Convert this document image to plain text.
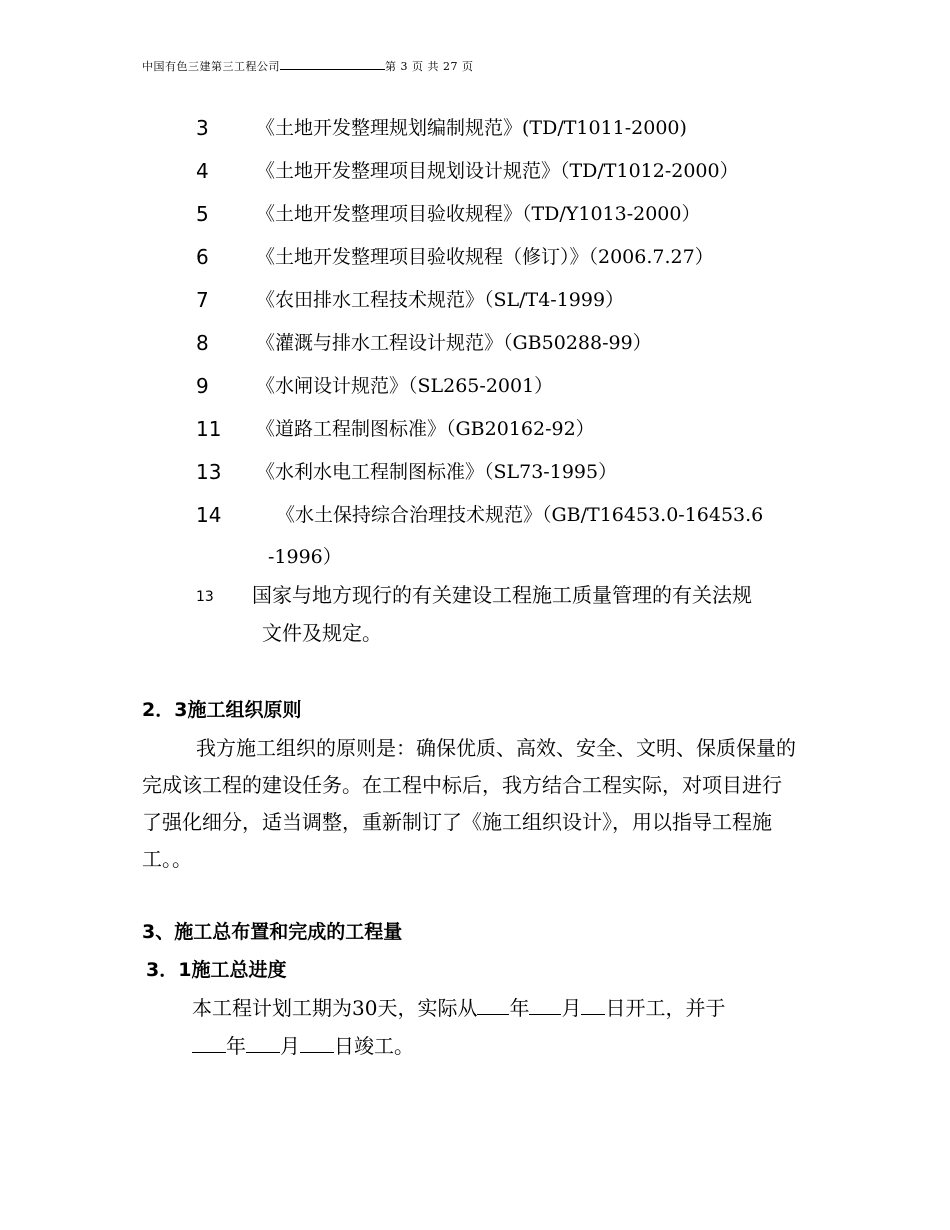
中国有色三建第三工程公司	第 3 页 共 27 页
3 《土地开发整理规划编制规范》(TD/T1011-2000)
4 《土地开发整理项目规划设计规范》（TD/T1012-2000）
5 《土地开发整理项目验收规程》（TD/Y1013-2000）
6 《土地开发整理项目验收规程（修订）》（2006.7.27）
7 《农田排水工程技术规范》（SL/T4-1999）
8 《灌溉与排水工程设计规范》（GB50288-99）
9 《水闸设计规范》（SL265-2001）
11 《道路工程制图标准》（GB20162-92）
13 《水利水电工程制图标准》（SL73-1995）
14	《水土保持综合治理技术规范》（GB/T16453.0-16453.6
-1996）
13 国家与地方现行的有关建设工程施工质量管理的有关法规
文件及规定。
2．3施工组织原则
我方施工组织的原则是：确保优质、高效、安全、文明、保质保量的
完成该工程的建设任务。在工程中标后，我方结合工程实际，对项目进行
了强化细分，适当调整，重新制订了《施工组织设计》，用以指导工程施
工。。
3、施工总布置和完成的工程量
3．1施工总进度
本工程计划工期为30天，实际从 年 月 日开工，并于
年 月 日竣工。
